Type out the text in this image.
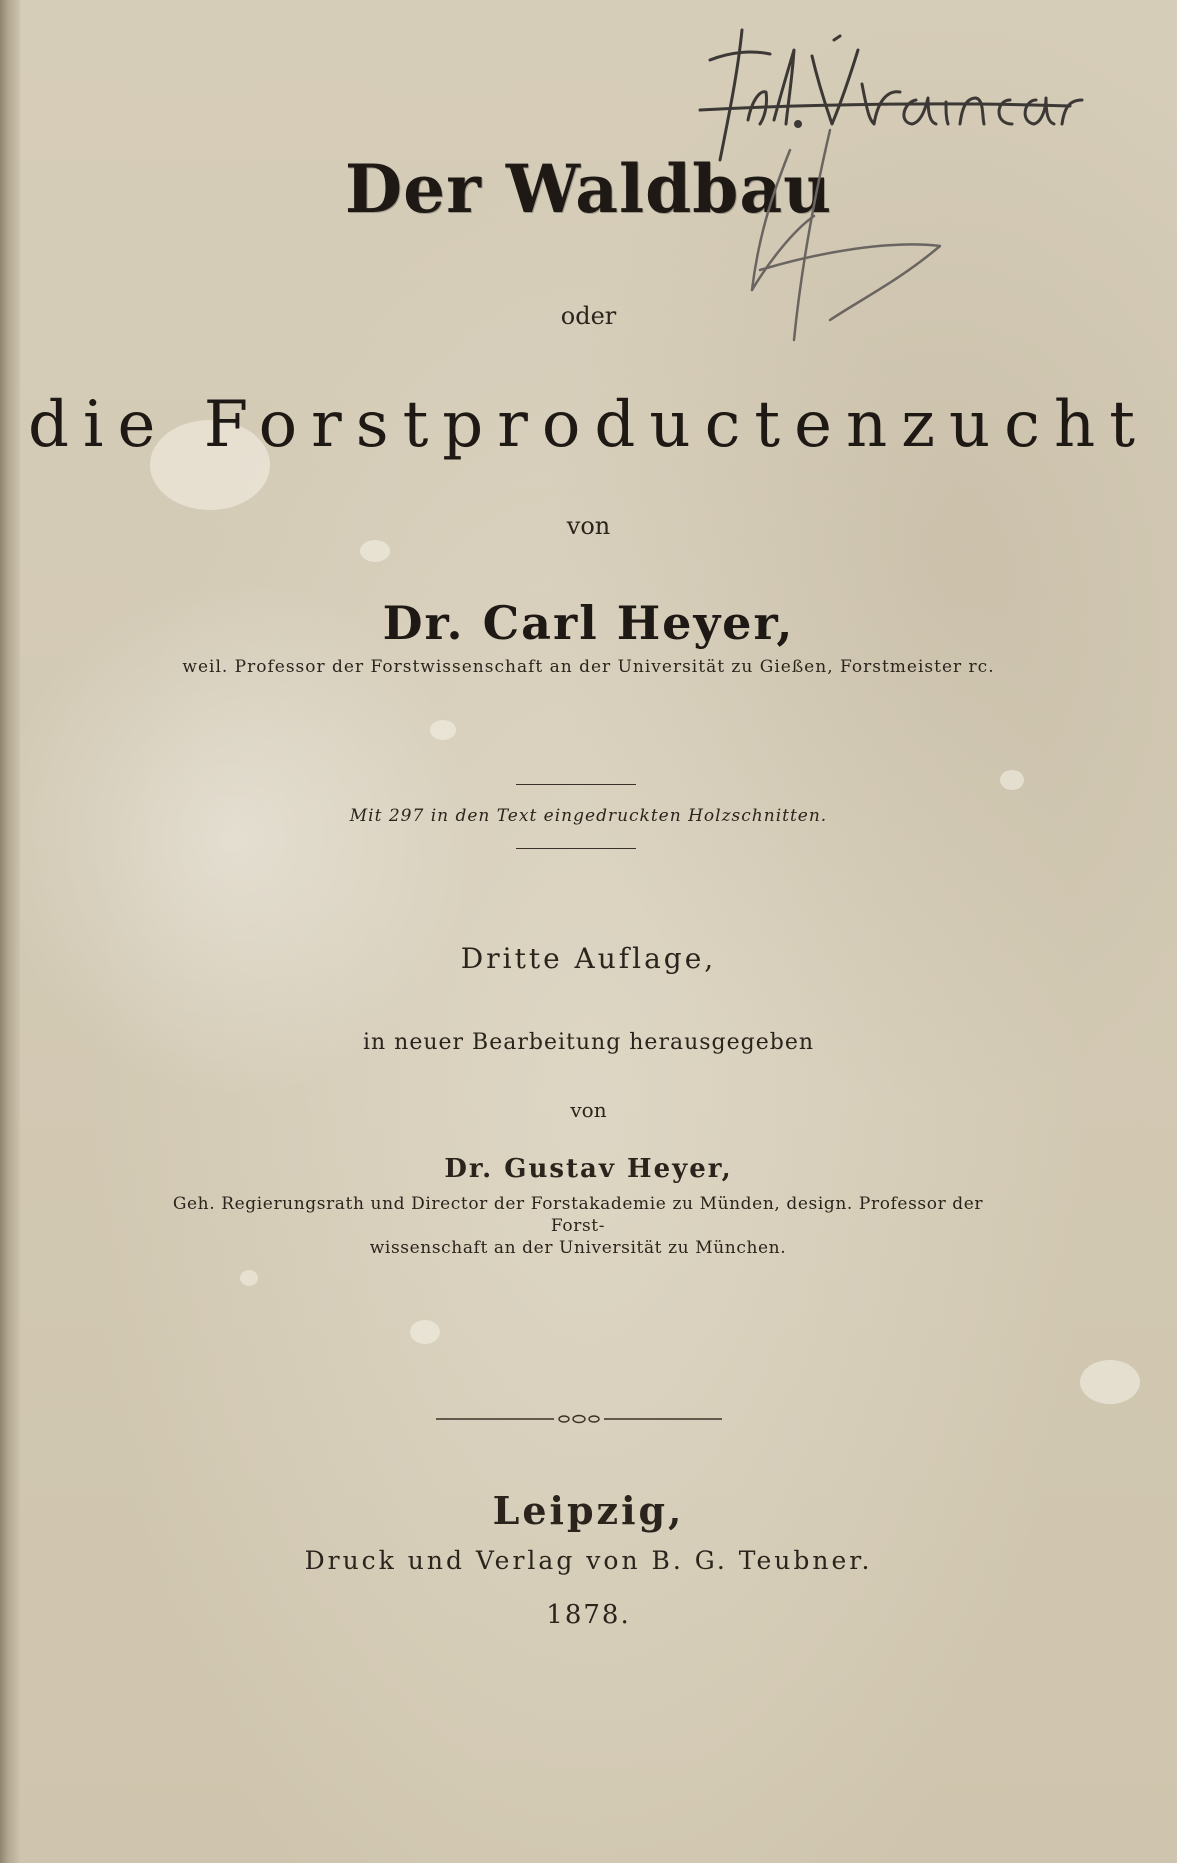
Der Waldbau
oder
die Forstproductenzucht
von
Dr. Carl Heyer,
weil. Professor der Forstwissenschaft an der Universität zu Gießen, Forstmeister rc.
Mit 297 in den Text eingedruckten Holzschnitten.
Dritte Auflage,
in neuer Bearbeitung herausgegeben
von
Dr. Gustav Heyer,
Geh. Regierungsrath und Director der Forstakademie zu Münden, design. Professor der Forst-
wissenschaft an der Universität zu München.
Leipzig,
Druck und Verlag von B. G. Teubner.
1878.
